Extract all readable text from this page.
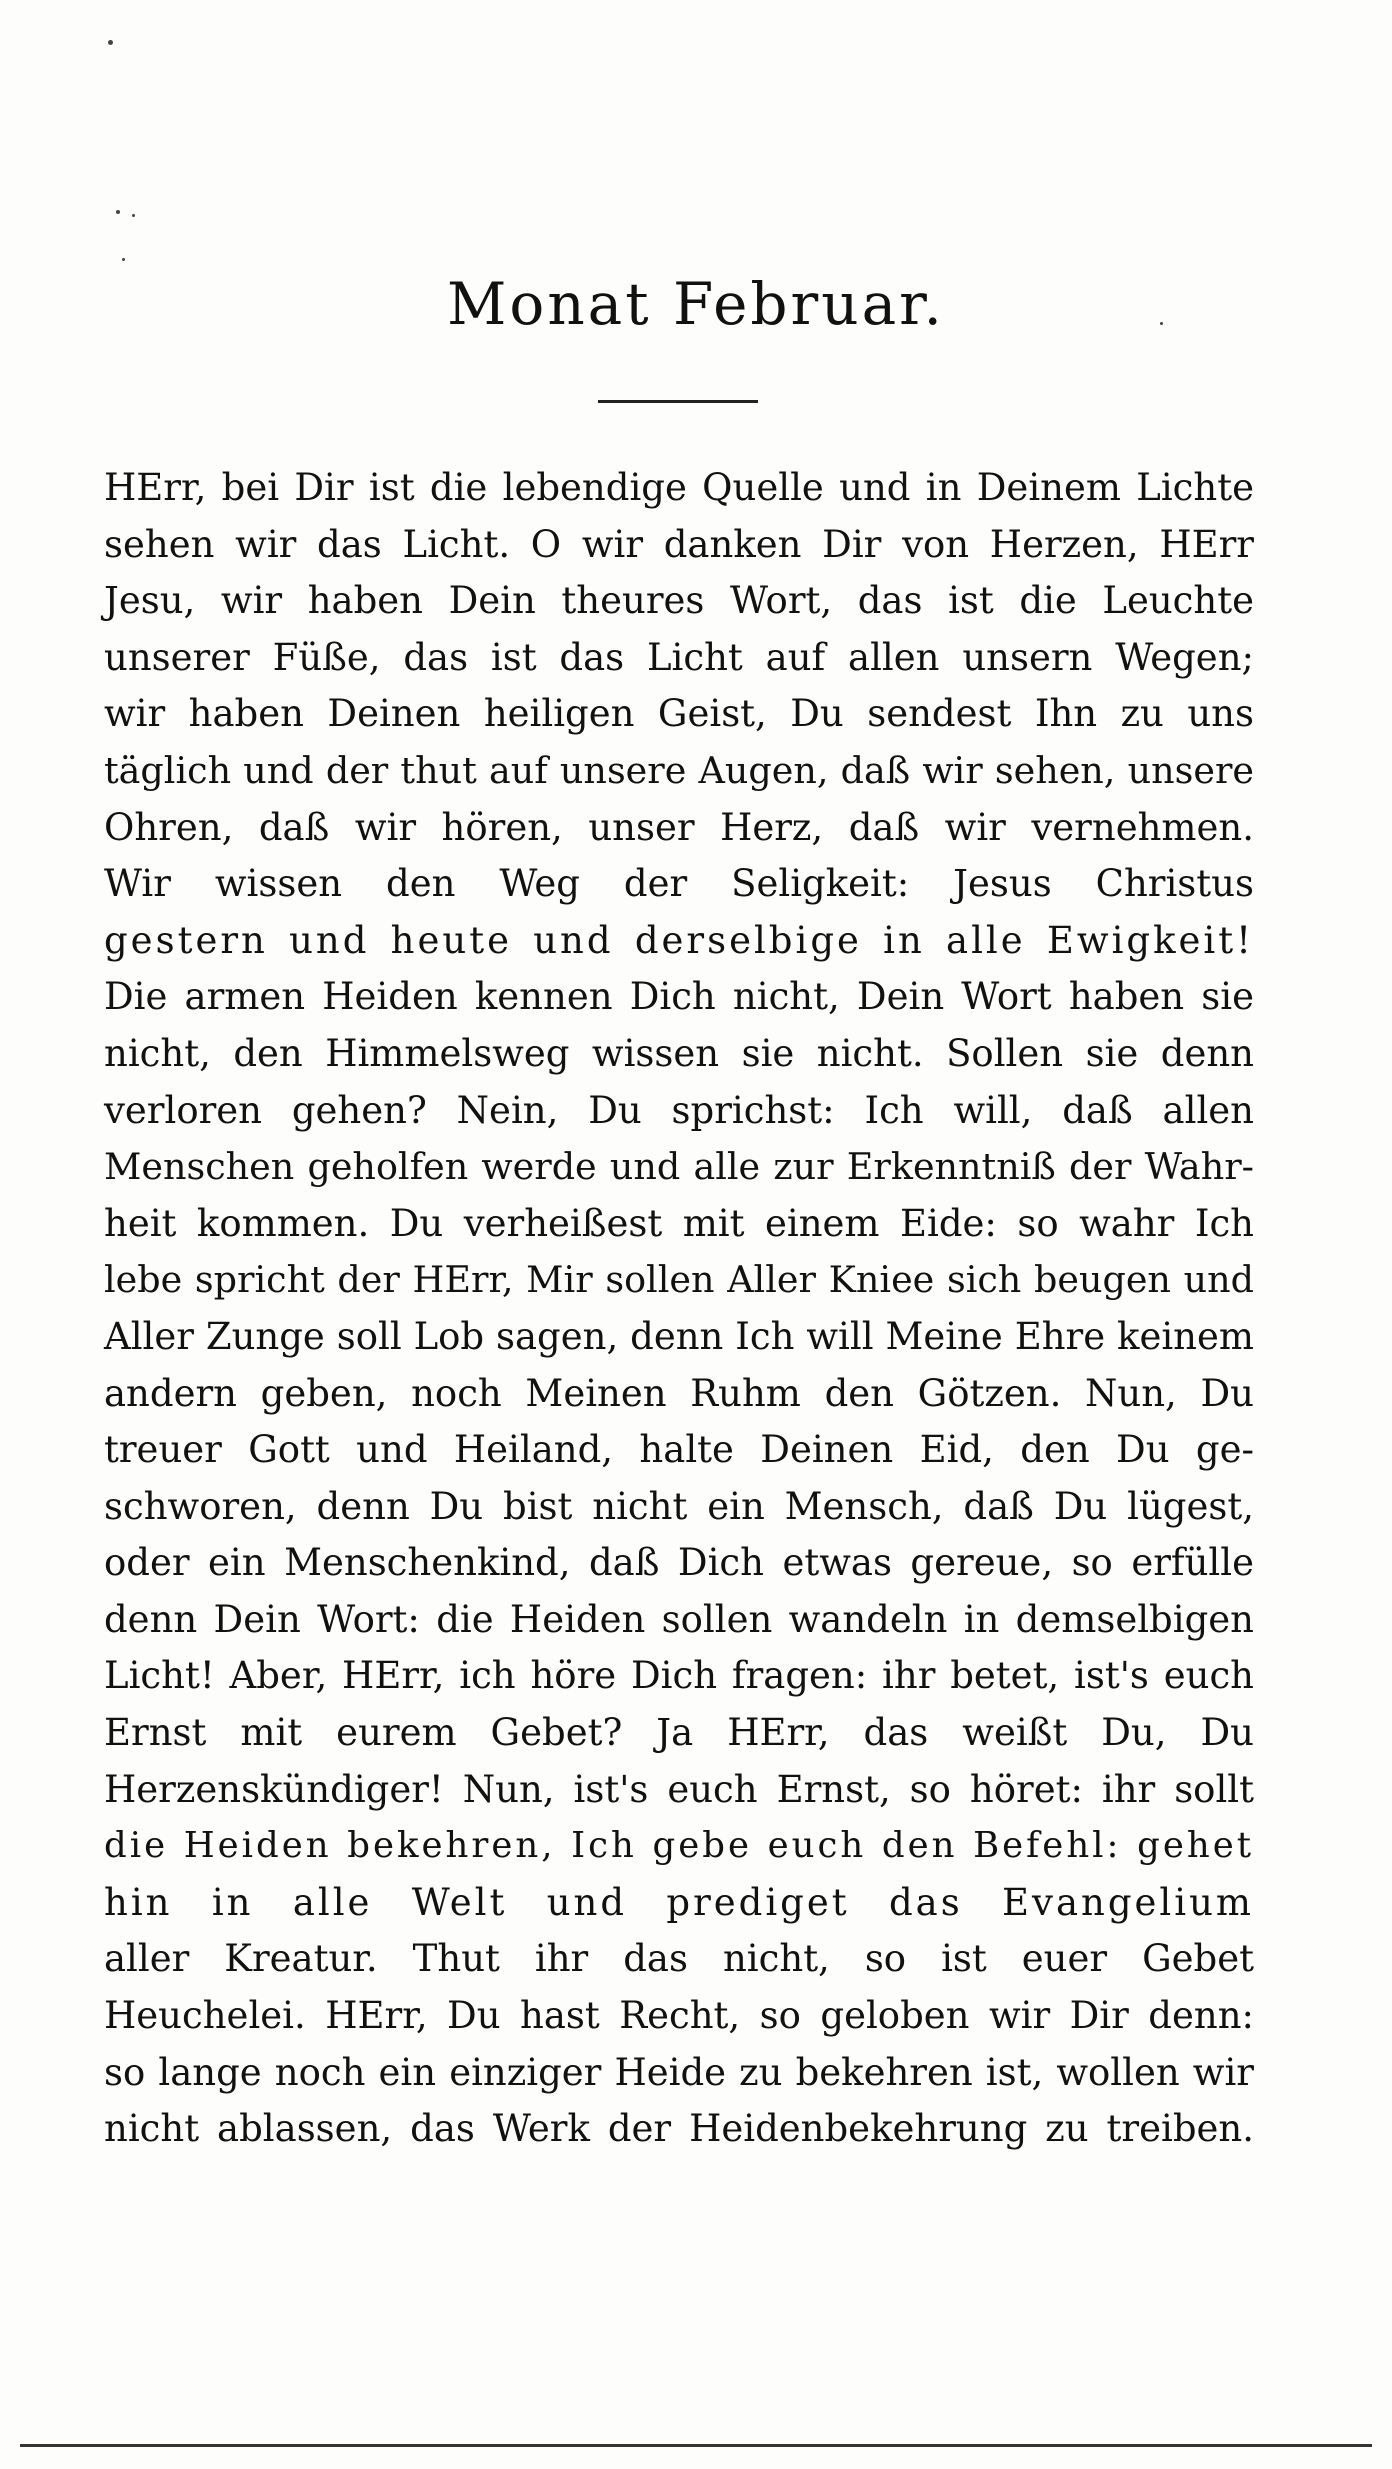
Monat Februar.
HErr, bei Dir ist die lebendige Quelle und in Deinem Lichte
sehen wir das Licht. O wir danken Dir von Herzen, HErr
Jesu, wir haben Dein theures Wort, das ist die Leuchte
unserer Füße, das ist das Licht auf allen unsern Wegen;
wir haben Deinen heiligen Geist, Du sendest Ihn zu uns
täglich und der thut auf unsere Augen, daß wir sehen, unsere
Ohren, daß wir hören, unser Herz, daß wir vernehmen.
Wir wissen den Weg der Seligkeit: Jesus Christus
gestern und heute und derselbige in alle Ewigkeit!
Die armen Heiden kennen Dich nicht, Dein Wort haben sie
nicht, den Himmelsweg wissen sie nicht. Sollen sie denn
verloren gehen? Nein, Du sprichst: Ich will, daß allen
Menschen geholfen werde und alle zur Erkenntniß der Wahr-
heit kommen. Du verheißest mit einem Eide: so wahr Ich
lebe spricht der HErr, Mir sollen Aller Kniee sich beugen und
Aller Zunge soll Lob sagen, denn Ich will Meine Ehre keinem
andern geben, noch Meinen Ruhm den Götzen. Nun, Du
treuer Gott und Heiland, halte Deinen Eid, den Du ge-
schworen, denn Du bist nicht ein Mensch, daß Du lügest,
oder ein Menschenkind, daß Dich etwas gereue, so erfülle
denn Dein Wort: die Heiden sollen wandeln in demselbigen
Licht! Aber, HErr, ich höre Dich fragen: ihr betet, ist's euch
Ernst mit eurem Gebet? Ja HErr, das weißt Du, Du
Herzenskündiger! Nun, ist's euch Ernst, so höret: ihr sollt
die Heiden bekehren, Ich gebe euch den Befehl: gehet
hin in alle Welt und prediget das Evangelium
aller Kreatur. Thut ihr das nicht, so ist euer Gebet
Heuchelei. HErr, Du hast Recht, so geloben wir Dir denn:
so lange noch ein einziger Heide zu bekehren ist, wollen wir
nicht ablassen, das Werk der Heidenbekehrung zu treiben.
